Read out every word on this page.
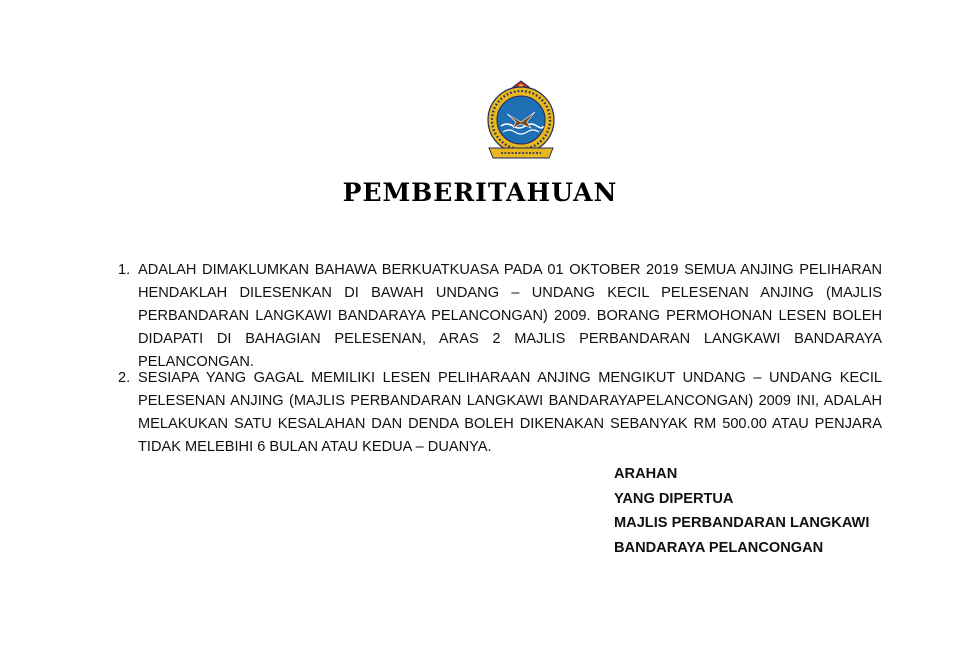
PEMBERITAHUAN
1. ADALAH DIMAKLUMKAN BAHAWA BERKUATKUASA PADA 01 OKTOBER 2019 SEMUA ANJING PELIHARAN HENDAKLAH DILESENKAN DI BAWAH UNDANG – UNDANG KECIL PELESENAN ANJING (MAJLIS PERBANDARAN LANGKAWI BANDARAYA PELANCONGAN) 2009. BORANG PERMOHONAN LESEN BOLEH DIDAPATI DI BAHAGIAN PELESENAN, ARAS 2 MAJLIS PERBANDARAN LANGKAWI BANDARAYA PELANCONGAN.
2. SESIAPA YANG GAGAL MEMILIKI LESEN PELIHARAAN ANJING MENGIKUT UNDANG – UNDANG KECIL PELESENAN ANJING (MAJLIS PERBANDARAN LANGKAWI BANDARAYAPELANCONGAN) 2009 INI, ADALAH MELAKUKAN SATU KESALAHAN DAN DENDA BOLEH DIKENAKAN SEBANYAK RM 500.00 ATAU PENJARA TIDAK MELEBIHI 6 BULAN ATAU KEDUA – DUANYA.
ARAHAN
YANG DIPERTUA
MAJLIS PERBANDARAN LANGKAWI
BANDARAYA PELANCONGAN
